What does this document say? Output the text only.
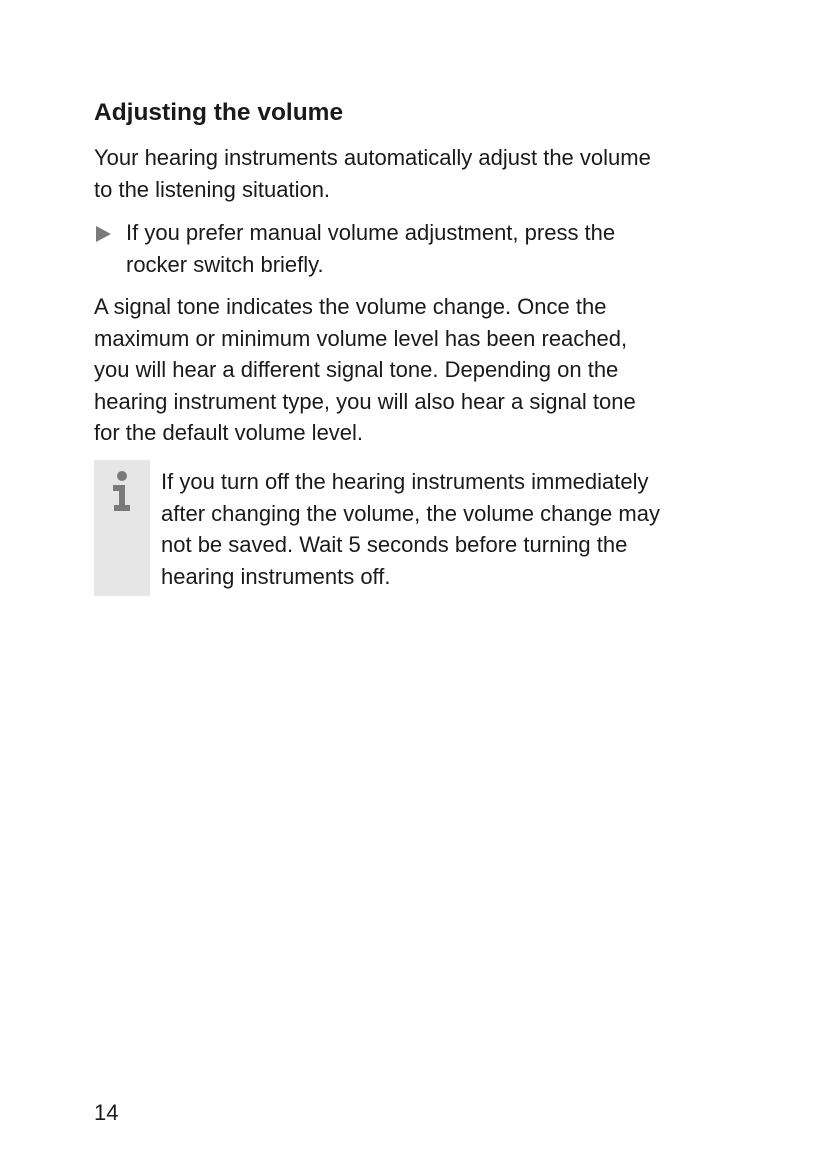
Adjusting the volume

Your hearing instruments automatically adjust the volume
to the listening situation.

If you prefer manual volume adjustment, press the
rocker switch briefly.

A signal tone indicates the volume change. Once the
maximum or minimum volume level has been reached,
you will hear a different signal tone. Depending on the
hearing instrument type, you will also hear a signal tone
for the default volume level.

If you turn off the hearing instruments immediately
after changing the volume, the volume change may
not be saved. Wait 5 seconds before turning the
hearing instruments off.
14
